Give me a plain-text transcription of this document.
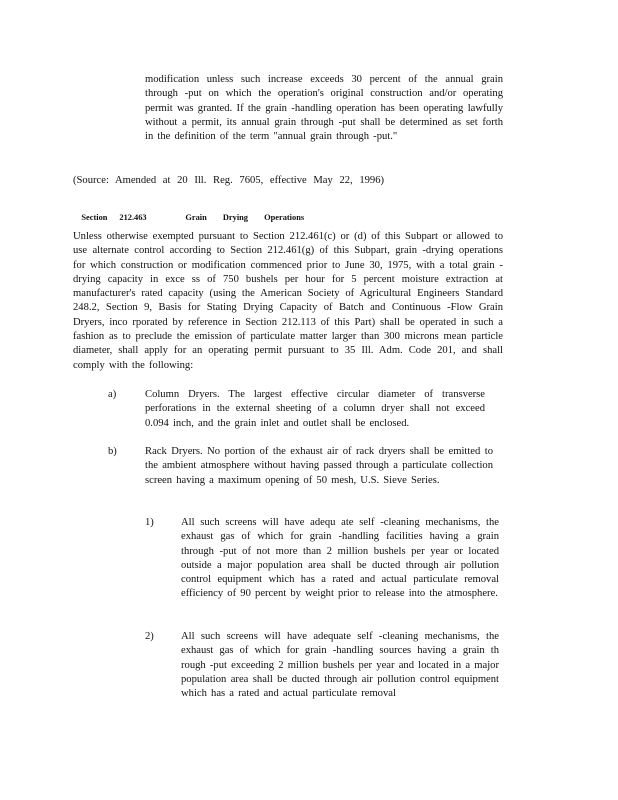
modification unless such increase exceeds 30 percent of the annual grain through -put on which the operation's original construction and/or operating permit was granted. If the grain -handling operation has been operating lawfully without a permit, its annual grain through -put shall be determined as set forth in the definition of the term "annual grain through -put."
(Source: Amended at 20 Ill. Reg. 7605, effective May 22, 1996)

Section 212.463	Grain Drying Operations

Unless otherwise exempted pursuant to Section 212.461(c) or (d) of this Subpart or allowed to use alternate control according to Section 212.461(g) of this Subpart, grain -drying operations for which construction or modification commenced prior to June 30, 1975, with a total grain -drying capacity in exce ss of 750 bushels per hour for 5 percent moisture extraction at manufacturer's rated capacity (using the American Society of Agricultural Engineers Standard 248.2, Section 9, Basis for Stating Drying Capacity of Batch and Continuous -Flow Grain Dryers, inco rporated by reference in Section 212.113 of this Part) shall be operated in such a fashion as to preclude the emission of particulate matter larger than 300 microns mean particle diameter, shall apply for an operating permit pursuant to 35 Ill. Adm. Code 201, and shall comply with the following:
a)	Column Dryers. The largest effective circular diameter of transverse perforations in the external sheeting of a column dryer shall not exceed 0.094 inch, and the grain inlet and outlet shall be enclosed.
b)	Rack Dryers. No portion of the exhaust air of rack dryers shall be emitted to the ambient atmosphere without having passed through a particulate collection screen having a maximum opening of 50 mesh, U.S. Sieve Series.
1)	All such screens will have adequ ate self -cleaning mechanisms, the exhaust gas of which for grain -handling facilities having a grain through -put of not more than 2 million bushels per year or located outside a major population area shall be ducted through air pollution control equipment which has a rated and actual particulate removal efficiency of 90 percent by weight prior to release into the atmosphere.
2)	All such screens will have adequate self -cleaning mechanisms, the exhaust gas of which for grain -handling sources having a grain th rough -put exceeding 2 million bushels per year and located in a major population area shall be ducted through air pollution control equipment which has a rated and actual particulate removal
